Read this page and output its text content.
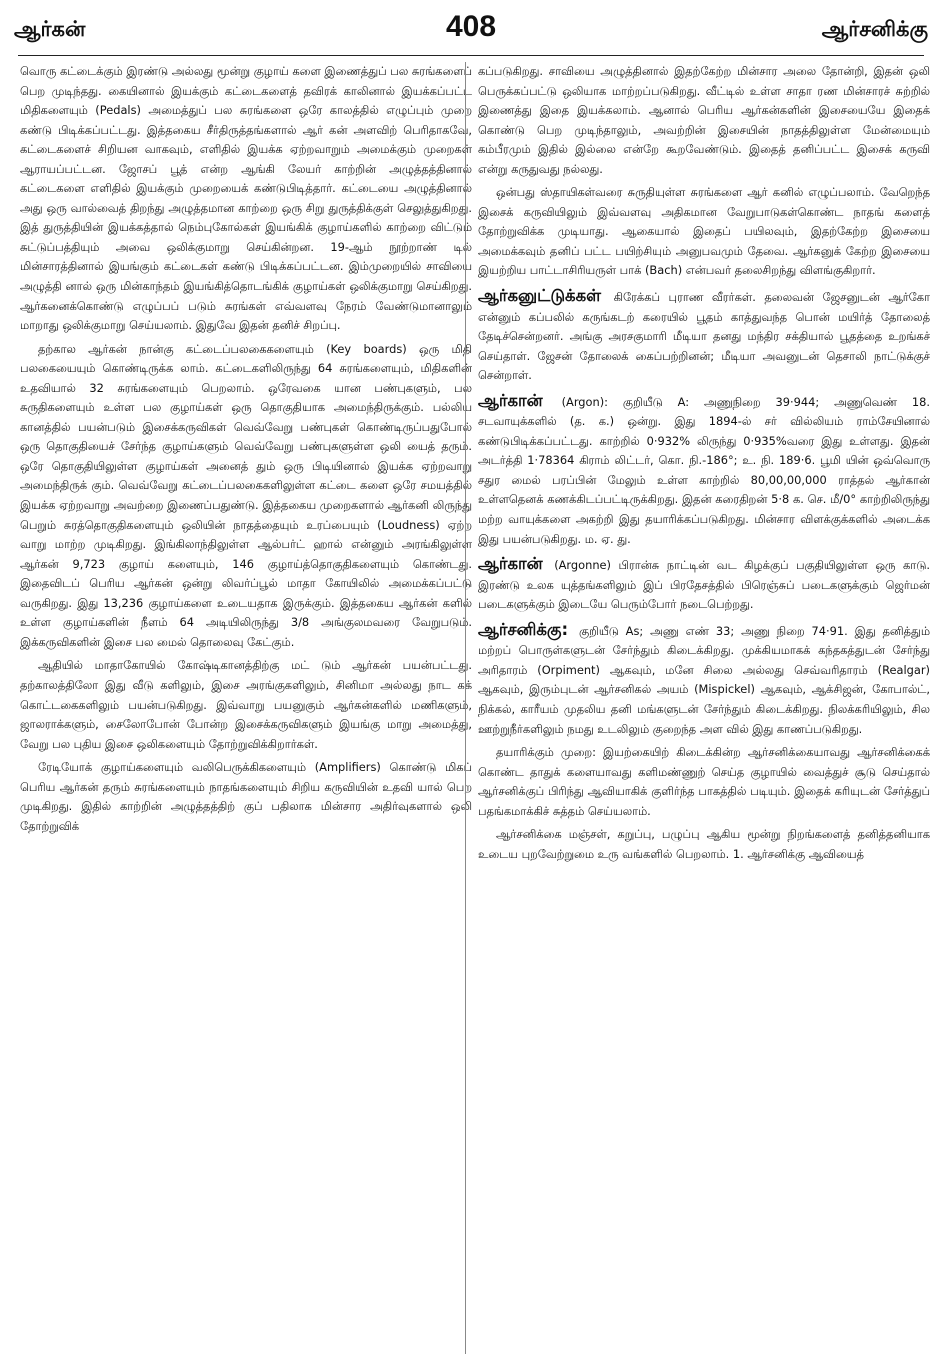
ஆர்கன்	408	ஆர்சனிக்கு

வொரு கட்டைக்கும் இரண்டு அல்லது மூன்று குழாய் களை இணைத்துப் பல சுரங்களைப் பெற முடிந்தது. கையினால் இயக்கும் கட்டைகளைத் தவிரக் காலினால் இயக்கப்பட்ட மிதிகளையும் (Pedals) அமைத்துப் பல சுரங்களை ஒரே காலத்தில் எழுப்பும் முறை கண்டு பிடிக்கப்பட்டது. இத்தகைய சீர்திருத்தங்களால் ஆர் கன் அளவிற் பெரிதாகவே, கட்டைகளைச் சிறியன வாகவும், எளிதில் இயக்க ஏற்றவாறும் அமைக்கும் முறைகள் ஆராயப்பட்டன. ஜோசப் பூத் என்ற ஆங்கி லேயர் காற்றின் அழுத்தத்தினால் கட்டைகளை எளிதில் இயக்கும் முறையைக் கண்டுபிடித்தார். கட்டையை அழுத்தினால் அது ஒரு வால்வைத் திறந்து அழுத்தமான காற்றை ஒரு சிறு துருத்திக்குள் செலுத்துகிறது. இத் துருத்தியின் இயக்கத்தால் நெம்புகோல்கள் இயங்கிக் குழாய்களில் காற்றை விட்டும் சுட்டுப்பத்தியும் அவை ஒலிக்குமாறு செய்கின்றன. 19-ஆம் நூற்றாண் டில் மின்சாரத்தினால் இயங்கும் கட்டைகள் கண்டு பிடிக்கப்பட்டன. இம்முறையில் சாவியை அழுத்தி னால் ஒரு மின்காந்தம் இயங்கித்தொடங்கிக் குழாய்கள் ஒலிக்குமாறு செய்கிறது. ஆர்கனைக்கொண்டு எழுப்பப் படும் சுரங்கள் எவ்வளவு நேரம் வேண்டுமானாலும் மாறாது ஒலிக்குமாறு செய்யலாம். இதுவே இதன் தனிச் சிறப்பு.

தற்கால ஆர்கன் நான்கு கட்டைப்பலகைகளையும் (Key boards) ஒரு மிதி பலகையையும் கொண்டிருக்க லாம். கட்டைகளிலிருந்து 64 சுரங்களையும், மிதிகளின் உதவியால் 32 சுரங்களையும் பெறலாம். ஒரேவகை யான பண்புகளும், பல சுருதிகளையும் உள்ள பல குழாய்கள் ஒரு தொகுதியாக அமைந்திருக்கும். பல்லிய கானத்தில் பயன்படும் இசைக்கருவிகள் வெவ்வேறு பண்புகள் கொண்டிருப்பதுபோல் ஒரு தொகுதியைச் சேர்ந்த குழாய்களும் வெவ்வேறு பண்புகளுள்ள ஒலி யைத் தரும். ஒரே தொகுதியிலுள்ள குழாய்கள் அனைத் தும் ஒரு பிடியினால் இயக்க ஏற்றவாறு அமைந்திருக் கும். வெவ்வேறு கட்டைப்பலகைகளிலுள்ள கட்டை களை ஒரே சமயத்தில் இயக்க ஏற்றவாறு அவற்றை இணைப்பதுண்டு. இத்தகைய முறைகளால் ஆர்கனி லிருந்து பெறும் சுரத்தொகுதிகளையும் ஒலியின் நாதத்தையும் உரப்பையும் (Loudness) ஏற்ற வாறு மாற்ற முடிகிறது. இங்கிலாந்திலுள்ள ஆல்பர்ட் ஹால் என்னும் அரங்கிலுள்ள ஆர்கன் 9,723 குழாய் களையும், 146 குழாய்த்தொகுதிகளையும் கொண்டது. இதைவிடப் பெரிய ஆர்கன் ஒன்று லிவர்ப்பூல் மாதா கோயிலில் அமைக்கப்பட்டு வருகிறது. இது 13,236 குழாய்களை உடையதாக இருக்கும். இத்தகைய ஆர்கன் களில் உள்ள குழாய்களின் நீளம் 64 அடியிலிருந்து 3/8 அங்குலமவரை வேறுபடும். இக்கருவிகளின் இசை பல மைல் தொலைவு கேட்கும்.

ஆதியில் மாதாகோயில் கோஷ்டிகானத்திற்கு மட் டும் ஆர்கன் பயன்பட்டது. தற்காலத்திலோ இது வீடு களிலும், இசை அரங்குகளிலும், சினிமா அல்லது நாட கக் கொட்டகைகளிலும் பயன்படுகிறது. இவ்வாறு பயனுகும் ஆர்கன்களில் மணிகளும், ஜாலராக்களும், சைலோபோன் போன்ற இசைக்கருவிகளும் இயங்கு மாறு அமைத்து, வேறு பல புதிய இசை ஒலிகளையும் தோற்றுவிக்கிறார்கள்.

ரேடியோக் குழாய்களையும் வலிபெருக்கிகளையும் (Amplifiers) கொண்டு மிகப் பெரிய ஆர்கன் தரும் சுரங்களையும் நாதங்களையும் சிறிய கருவியின் உதவி யால் பெற முடிகிறது. இதில் காற்றின் அழுத்தத்திற் குப் பதிலாக மின்சார அதிர்வுகளால் ஒலி தோற்றுவிக்

கப்படுகிறது. சாவியை அழுத்தினால் இதற்கேற்ற மின்சார அலை தோன்றி, இதன் ஒலி பெருக்கப்பட்டு ஒலியாக மாற்றப்படுகிறது. வீட்டில் உள்ள சாதா ரண மின்சாரச் சுற்றில் இணைத்து இதை இயக்கலாம். ஆனால் பெரிய ஆர்கன்களின் இசையையே இதைக் கொண்டு பெற முடிந்தாலும், அவற்றின் இசையின் நாதத்திலுள்ள மேன்மையும் கம்பீரமும் இதில் இல்லை என்றே கூறவேண்டும். இதைத் தனிப்பட்ட இசைக் கருவி என்று கருதுவது நல்லது.

ஒன்பது ஸ்தாயிகள்வரை சுருதியுள்ள சுரங்களை ஆர் கனில் எழுப்பலாம். வேறெந்த இசைக் கருவியிலும் இவ்வளவு அதிகமான வேறுபாடுகள்கொண்ட நாதங் களைத் தோற்றுவிக்க முடியாது. ஆகையால் இதைப் பயிலவும், இதற்கேற்ற இசையை அமைக்கவும் தனிப் பட்ட பயிற்சியும் அனுபவமும் தேவை. ஆர்கனுக் கேற்ற இசையை இயற்றிய பாட்டாசிரியருள் பாக் (Bach) என்பவர் தலைசிறந்து விளங்குகிறார்.

ஆர்கனுட்டுக்கள் கிரேக்கப் புராண வீரர்கள். தலைவன் ஜேசனுடன் ஆர்கோ என்னும் கப்பலில் கருங்கடற் கரையில் பூதம் காத்துவந்த பொன் மயிர்த் தோலைத் தேடிச்சென்றனர். அங்கு அரசகுமாரி மீடியா தனது மந்திர சக்தியால் பூதத்தை உறங்கச் செய்தாள். ஜேசன் தோலைக் கைப்பற்றினன்; மீடியா அவனுடன் தெசாலி நாட்டுக்குச் சென்றாள்.

ஆர்கான் (Argon): குறியீடு A: அணுநிறை 39·944; அணுவெண் 18. சடவாயுக்களில் (த. க.) ஒன்று. இது 1894-ல் சர் வில்லியம் ராம்சேயினால் கண்டுபிடிக்கப்பட்டது. காற்றில் 0·932% லிருந்து 0·935%வரை இது உள்ளது. இதன் அடர்த்தி 1·78364 கிராம் லிட்டர், கொ. நி.-186°; உ. நி. 189·6. பூமி யின் ஒவ்வொரு சதுர மைல் பரப்பின் மேலும் உள்ள காற்றில் 80,00,00,000 ராத்தல் ஆர்கான் உள்ளதெனக் கணக்கிடப்பட்டிருக்கிறது. இதன் கரைதிறன் 5·8 க. செ. மீ/0° காற்றிலிருந்து மற்ற வாயுக்களை அகற்றி இது தயாரிக்கப்படுகிறது. மின்சார விளக்குக்களில் அடைக்க இது பயன்படுகிறது. ம. ஏ. து.

ஆர்கான் (Argonne) பிரான்சு நாட்டின் வட கிழக்குப் பகுதியிலுள்ள ஒரு காடு. இரண்டு உலக யுத்தங்களிலும் இப் பிரதேசத்தில் பிரெஞ்சுப் படைகளுக்கும் ஜெர்மன் படைகளுக்கும் இடையே பெரும்போர் நடைபெற்றது.

ஆர்சனிக்கு: குறியீடு As; அணு எண் 33; அணு நிறை 74·91. இது தனித்தும் மற்றப் பொருள்களுடன் சேர்ந்தும் கிடைக்கிறது. முக்கியமாகக் கந்தகத்துடன் சேர்ந்து அரிதாரம் (Orpiment) ஆகவும், மனே சிலை அல்லது செவ்வரிதாரம் (Realgar) ஆகவும், இரும்புடன் ஆர்சனிகல் அயம் (Mispickel) ஆகவும், ஆக்சிஜன், கோபால்ட், நிக்கல், காரீயம் முதலிய தனி மங்களுடன் சேர்ந்தும் கிடைக்கிறது. நிலக்கரியிலும், சில ஊற்றுநீர்களிலும் நமது உடலிலும் குறைந்த அள வில் இது காணப்படுகிறது.

தயாரிக்கும் முறை: இயற்கையிற் கிடைக்கின்ற ஆர்சனிக்கையாவது ஆர்சனிக்கைக் கொண்ட தாதுக் களையாவது களிமண்ணுற் செய்த குழாயில் வைத்துச் சூடு செய்தால் ஆர்சனிக்குப் பிரிந்து ஆவியாகிக் குளிர்ந்த பாகத்தில் படியும். இதைக் கரியுடன் சேர்த்துப் பதங்கமாக்கிச் சுத்தம் செய்யலாம்.

ஆர்சனிக்கை மஞ்சள், கறுப்பு, பழுப்பு ஆகிய மூன்று நிறங்களைத் தனித்தனியாக உடைய புறவேற்றுமை உரு வங்களில் பெறலாம். 1. ஆர்சனிக்கு ஆவியைத்
